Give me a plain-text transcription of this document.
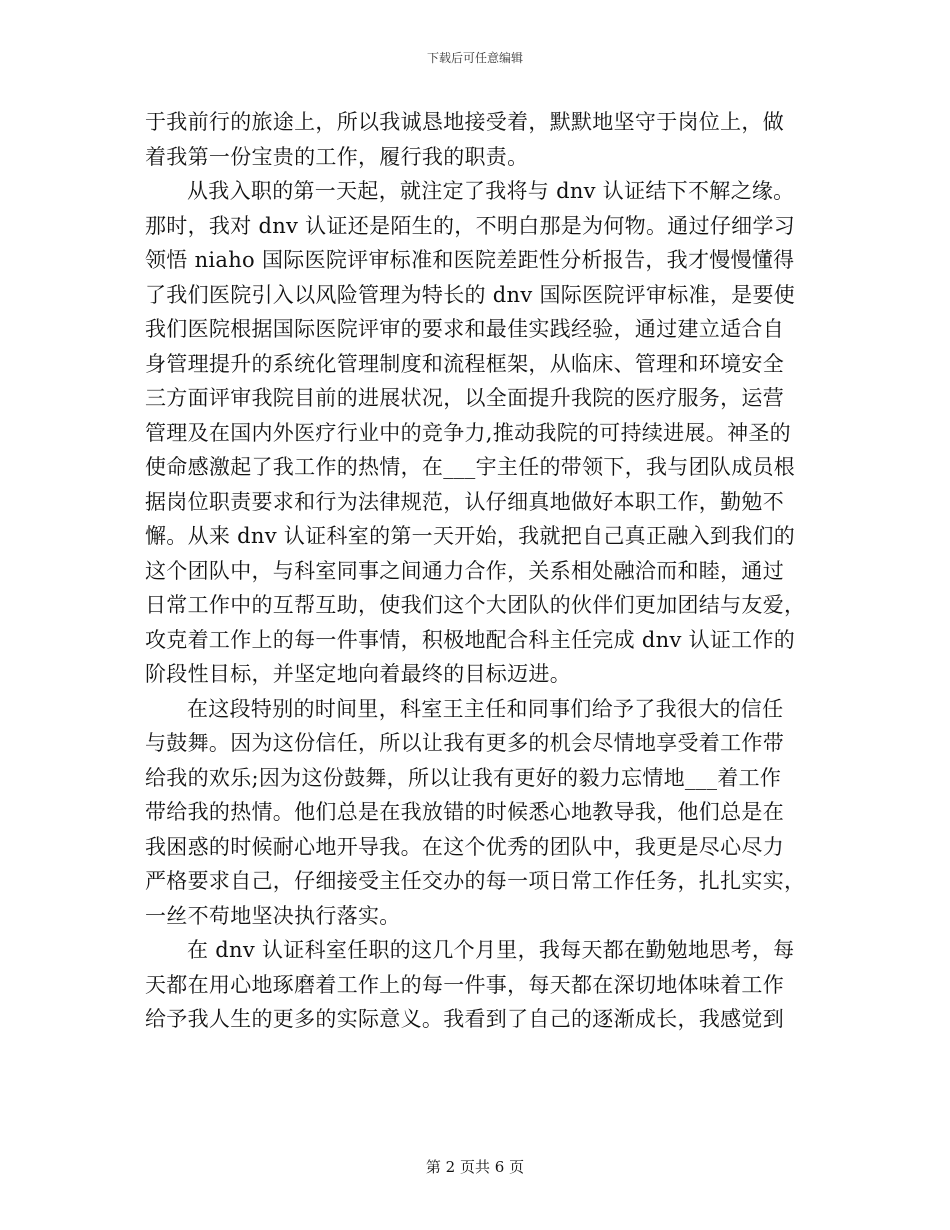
下载后可任意编辑
于我前行的旅途上，所以我诚恳地接受着，默默地坚守于岗位上，做
着我第一份宝贵的工作，履行我的职责。
从我入职的第一天起，就注定了我将与 dnv 认证结下不解之缘。
那时，我对 dnv 认证还是陌生的，不明白那是为何物。通过仔细学习
领悟 niaho 国际医院评审标准和医院差距性分析报告，我才慢慢懂得
了我们医院引入以风险管理为特长的 dnv 国际医院评审标准，是要使
我们医院根据国际医院评审的要求和最佳实践经验，通过建立适合自
身管理提升的系统化管理制度和流程框架，从临床、管理和环境安全
三方面评审我院目前的进展状况，以全面提升我院的医疗服务，运营
管理及在国内外医疗行业中的竞争力,推动我院的可持续进展。神圣的
使命感激起了我工作的热情，在___宇主任的带领下，我与团队成员根
据岗位职责要求和行为法律规范，认仔细真地做好本职工作，勤勉不
懈。从来 dnv 认证科室的第一天开始，我就把自己真正融入到我们的
这个团队中，与科室同事之间通力合作，关系相处融洽而和睦，通过
日常工作中的互帮互助，使我们这个大团队的伙伴们更加团结与友爱，
攻克着工作上的每一件事情，积极地配合科主任完成 dnv 认证工作的
阶段性目标，并坚定地向着最终的目标迈进。
在这段特别的时间里，科室王主任和同事们给予了我很大的信任
与鼓舞。因为这份信任，所以让我有更多的机会尽情地享受着工作带
给我的欢乐;因为这份鼓舞，所以让我有更好的毅力忘情地___着工作
带给我的热情。他们总是在我放错的时候悉心地教导我，他们总是在
我困惑的时候耐心地开导我。在这个优秀的团队中，我更是尽心尽力
严格要求自己，仔细接受主任交办的每一项日常工作任务，扎扎实实，
一丝不苟地坚决执行落实。
在 dnv 认证科室任职的这几个月里，我每天都在勤勉地思考，每
天都在用心地琢磨着工作上的每一件事，每天都在深切地体味着工作
给予我人生的更多的实际意义。我看到了自己的逐渐成长，我感觉到
第 2 页共 6 页
